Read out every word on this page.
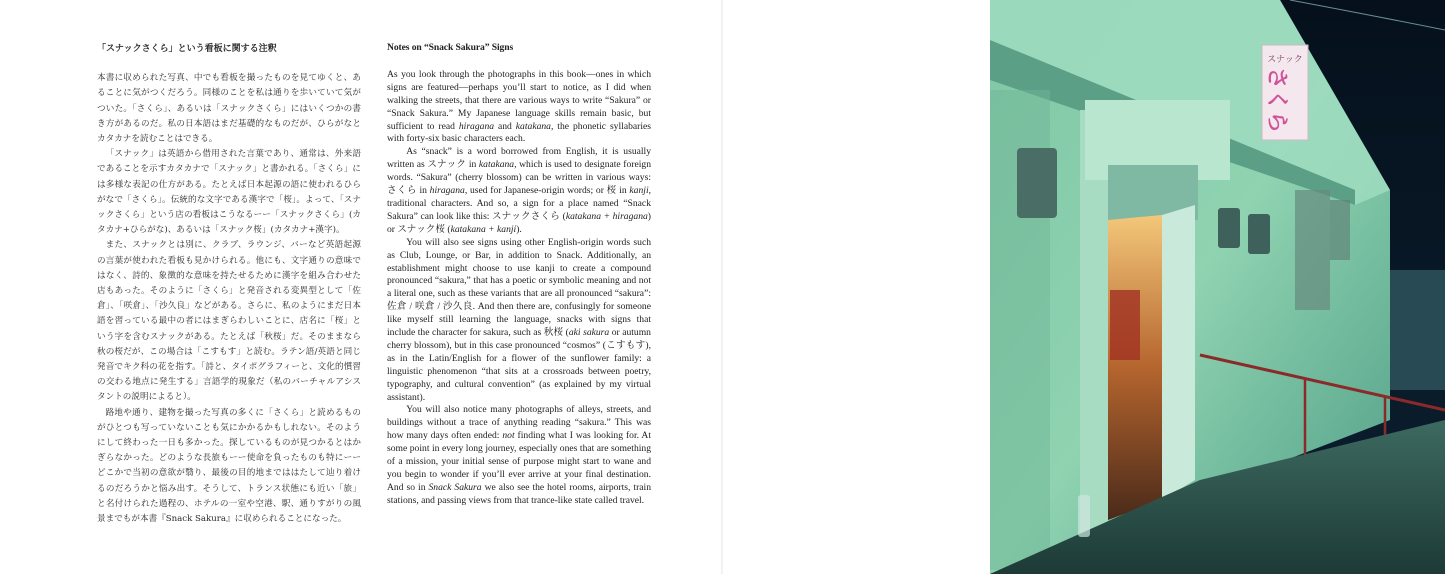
「スナックさくら」という看板に関する注釈

本書に収められた写真、中でも看板を撮ったものを見てゆくと、あることに気がつくだろう。同様のことを私は通りを歩いていて気がついた。「さくら」、あるいは「スナックさくら」にはいくつかの書き方があるのだ。私の日本語はまだ基礎的なものだが、ひらがなとカタカナを読むことはできる。

「スナック」は英語から借用された言葉であり、通常は、外来語であることを示すカタカナで「スナック」と書かれる。「さくら」には多様な表記の仕方がある。たとえば日本起源の語に使われるひらがなで「さくら」。伝統的な文字である漢字で「桜」。よって、「スナックさくら」という店の看板はこうなるーー「スナックさくら」(カタカナ+ひらがな)、あるいは「スナック桜」(カタカナ+漢字)。

また、スナックとは別に、クラブ、ラウンジ、バーなど英語起源の言葉が使われた看板も見かけられる。他にも、文字通りの意味ではなく、詩的、象徴的な意味を持たせるために漢字を組み合わせた店もあった。そのように「さくら」と発音される変異型として「佐倉」、「咲倉」、「沙久良」などがある。さらに、私のようにまだ日本語を習っている最中の者にはまぎらわしいことに、店名に「桜」という字を含むスナックがある。たとえば「秋桜」だ。そのままなら秋の桜だが、この場合は「こすもす」と読む。ラテン語/英語と同じ発音でキク科の花を指す。「詩と、タイポグラフィーと、文化的慣習の交わる地点に発生する」言語学的現象だ（私のバーチャルアシスタントの説明によると）。

路地や通り、建物を撮った写真の多くに「さくら」と読めるものがひとつも写っていないことも気にかかるかもしれない。そのようにして終わった一日も多かった。探しているものが見つかるとはかぎらなかった。どのような長旅もーー使命を負ったものも特にーーどこかで当初の意欲が翳り、最後の目的地までははたして辿り着けるのだろうかと悩み出す。そうして、トランス状態にも近い「旅」と名付けられた過程の、ホテルの一室や空港、駅、通りすがりの風景までもが本書『Snack Sakura』に収められることになった。

Notes on “Snack Sakura” Signs

As you look through the photographs in this book—ones in which signs are featured—perhaps you’ll start to notice, as I did when walking the streets, that there are various ways to write “Sakura” or “Snack Sakura.” My Japanese language skills remain basic, but sufficient to read hiragana and katakana, the phonetic syllabaries with forty-six basic characters each.

As “snack” is a word borrowed from English, it is usually written as スナック in katakana, which is used to designate foreign words. “Sakura” (cherry blossom) can be written in various ways: さくら in hiragana, used for Japanese-origin words; or 桜 in kanji, traditional characters. And so, a sign for a place named “Snack Sakura” can look like this: スナックさくら (katakana + hiragana) or スナック桜 (katakana + kanji).

You will also see signs using other English-origin words such as Club, Lounge, or Bar, in addition to Snack. Additionally, an establishment might choose to use kanji to create a compound pronounced “sakura,” that has a poetic or symbolic meaning and not a literal one, such as these variants that are all pronounced “sakura”: 佐倉 / 咲倉 / 沙久良. And then there are, confusingly for someone like myself still learning the language, snacks with signs that include the character for sakura, such as 秋桜 (aki sakura or autumn cherry blossom), but in this case pronounced “cosmos” (こすもす), as in the Latin/English for a flower of the sunflower family: a linguistic phenomenon “that sits at a crossroads between poetry, typography, and cultural convention” (as explained by my virtual assistant).

You will also notice many photographs of alleys, streets, and buildings without a trace of anything reading “sakura.” This was how many days often ended: not finding what I was looking for. At some point in every long journey, especially ones that are something of a mission, your initial sense of purpose might start to wane and you begin to wonder if you’ll ever arrive at your final destination. And so in Snack Sakura we also see the hotel rooms, airports, train stations, and passing views from that trance-like state called travel.

スナック
さくら
